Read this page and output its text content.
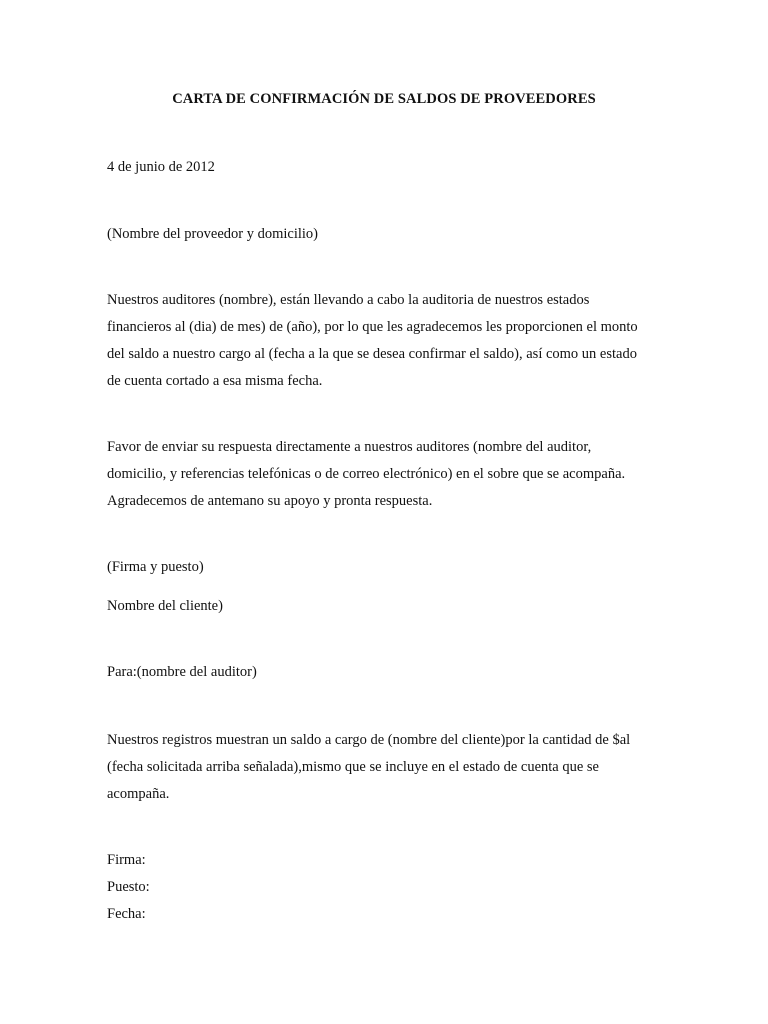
CARTA DE CONFIRMACIÓN DE SALDOS DE PROVEEDORES
4 de junio de 2012
(Nombre del proveedor y domicilio)
Nuestros auditores (nombre), están llevando a cabo la auditoria de nuestros estados
financieros al (dia) de mes) de (año), por lo que les agradecemos les proporcionen el monto
del saldo a nuestro cargo al (fecha a la que se desea confirmar el saldo), así como un estado
de cuenta cortado a esa misma fecha.
Favor de enviar su respuesta directamente a nuestros auditores (nombre del auditor,
domicilio, y referencias telefónicas o de correo electrónico) en el sobre que se acompaña.
Agradecemos de antemano su apoyo y pronta respuesta.
(Firma y puesto)
Nombre del cliente)
Para:(nombre del auditor)
Nuestros registros muestran un saldo a cargo de (nombre del cliente)por la cantidad de $al
(fecha solicitada arriba señalada),mismo que se incluye en el estado de cuenta que se
acompaña.
Firma:
Puesto:
Fecha:
